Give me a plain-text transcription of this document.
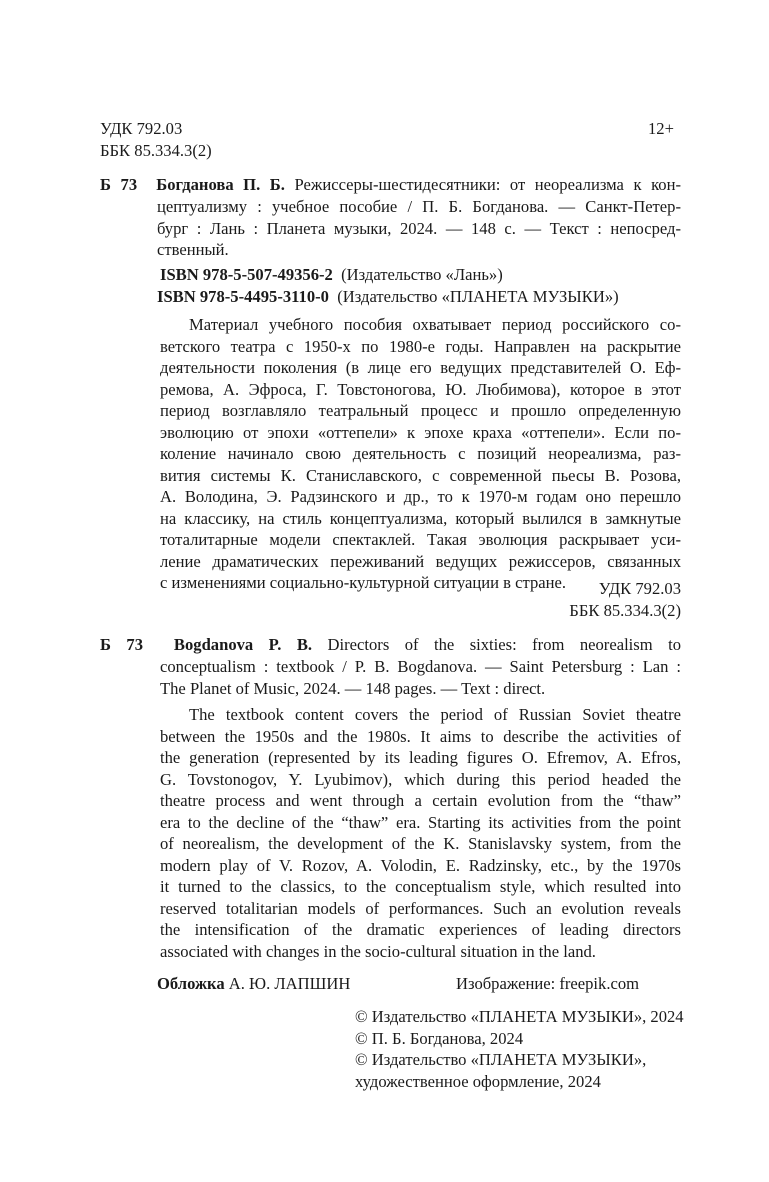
УДК 792.03
ББК 85.334.3(2)
12+
Б 73 Богданова П. Б. Режиссеры-шестидесятники: от неореализма к кон-
цептуализму : учебное пособие / П. Б. Богданова. — Санкт-Петер-
бург : Лань : Планета музыки, 2024. — 148 с. — Текст : непосред-
ственный.
ISBN 978-5-507-49356-2 (Издательство «Лань»)
ISBN 978-5-4495-3110-0 (Издательство «ПЛАНЕТА МУЗЫКИ»)
Материал учебного пособия охватывает период российского со-
ветского театра с 1950-х по 1980-е годы. Направлен на раскрытие
деятельности поколения (в лице его ведущих представителей О. Еф-
ремова, А. Эфроса, Г. Товстоногова, Ю. Любимова), которое в этот
период возглавляло театральный процесс и прошло определенную
эволюцию от эпохи «оттепели» к эпохе краха «оттепели». Если по-
коление начинало свою деятельность с позиций неореализма, раз-
вития системы К. Станиславского, с современной пьесы В. Розова,
А. Володина, Э. Радзинского и др., то к 1970-м годам оно перешло
на классику, на стиль концептуализма, который вылился в замкнутые
тоталитарные модели спектаклей. Такая эволюция раскрывает уси-
ление драматических переживаний ведущих режиссеров, связанных
с изменениями социально-культурной ситуации в стране.	УДК 792.03
ББК 85.334.3(2)
Б 73 Bogdanova P. B. Directors of the sixties: from neorealism to
conceptualism : textbook / P. B. Bogdanova. — Saint Petersburg : Lan :
The Planet of Music, 2024. — 148 pages. — Text : direct.
The textbook content covers the period of Russian Soviet theatre
between the 1950s and the 1980s. It aims to describe the activities of
the generation (represented by its leading figures O. Efremov, A. Efros,
G. Tovstonogov, Y. Lyubimov), which during this period headed the
theatre process and went through a certain evolution from the “thaw”
era to the decline of the “thaw” era. Starting its activities from the point
of neorealism, the development of the K. Stanislavsky system, from the
modern play of V. Rozov, A. Volodin, E. Radzinsky, etc., by the 1970s
it turned to the classics, to the conceptualism style, which resulted into
reserved totalitarian models of performances. Such an evolution reveals
the intensification of the dramatic experiences of leading directors
associated with changes in the socio-cultural situation in the land.
Обложка А. Ю. ЛАПШИН	Изображение: freepik.com
© Издательство «ПЛАНЕТА МУЗЫКИ», 2024
© П. Б. Богданова, 2024
© Издательство «ПЛАНЕТА МУЗЫКИ»,
художественное оформление, 2024
